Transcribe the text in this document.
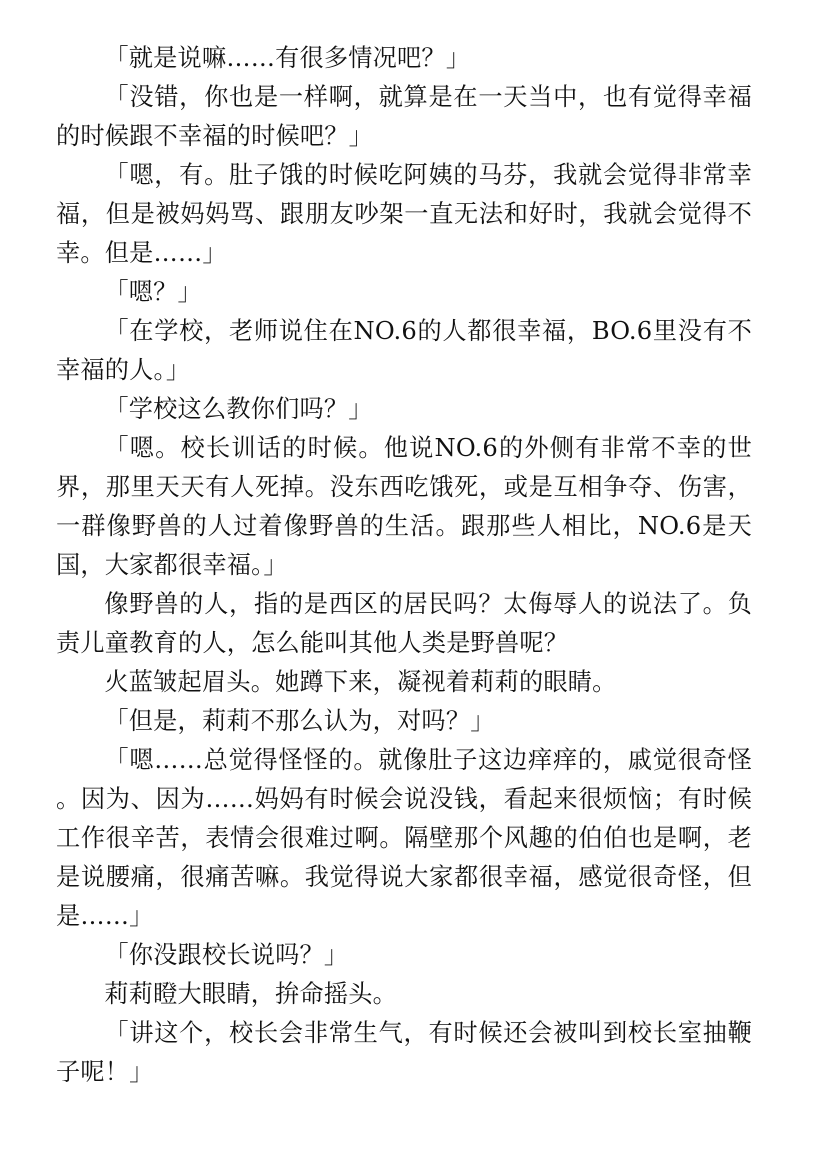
「就是说嘛……有很多情况吧？」

「没错，你也是一样啊，就算是在一天当中，也有觉得幸福的时候跟不幸福的时候吧？」

「嗯，有。肚子饿的时候吃阿姨的马芬，我就会觉得非常幸福，但是被妈妈骂、跟朋友吵架一直无法和好时，我就会觉得不幸。但是……」

「嗯？」

「在学校，老师说住在NO.6的人都很幸福，BO.6里没有不幸福的人。」

「学校这么教你们吗？」

「嗯。校长训话的时候。他说NO.6的外侧有非常不幸的世界，那里天天有人死掉。没东西吃饿死，或是互相争夺、伤害，一群像野兽的人过着像野兽的生活。跟那些人相比，NO.6是天国，大家都很幸福。」

像野兽的人，指的是西区的居民吗？太侮辱人的说法了。负责儿童教育的人，怎么能叫其他人类是野兽呢？

火蓝皱起眉头。她蹲下来，凝视着莉莉的眼睛。

「但是，莉莉不那么认为，对吗？」

「嗯……总觉得怪怪的。就像肚子这边痒痒的，戚觉很奇怪。因为、因为……妈妈有时候会说没钱，看起来很烦恼；有时候工作很辛苦，表情会很难过啊。隔壁那个风趣的伯伯也是啊，老是说腰痛，很痛苦嘛。我觉得说大家都很幸福，感觉很奇怪，但是……」

「你没跟校长说吗？」

莉莉瞪大眼睛，拚命摇头。

「讲这个，校长会非常生气，有时候还会被叫到校长室抽鞭子呢！」
